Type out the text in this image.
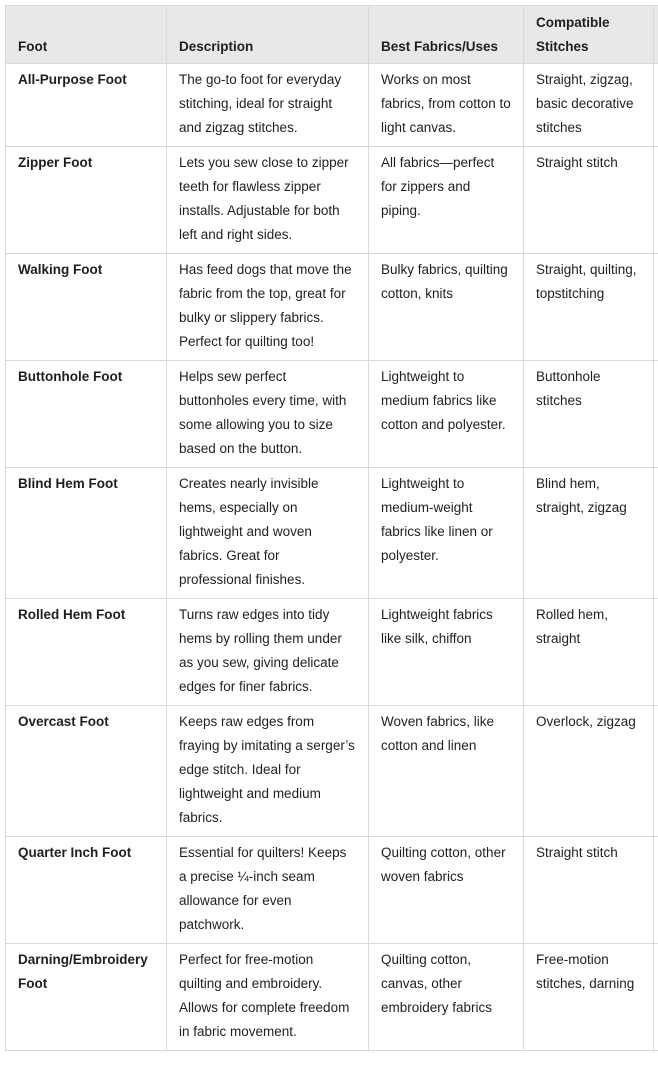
Foot	Description	Best Fabrics/Uses	Compatible Stitches	
All-Purpose Foot	The go-to foot for everyday stitching, ideal for straight and zigzag stitches.	Works on most fabrics, from cotton to light canvas.	Straight, zigzag, basic decorative stitches	
Zipper Foot	Lets you sew close to zipper teeth for flawless zipper installs. Adjustable for both left and right sides.	All fabrics—perfect for zippers and piping.	Straight stitch	
Walking Foot	Has feed dogs that move the fabric from the top, great for bulky or slippery fabrics. Perfect for quilting too!	Bulky fabrics, quilting cotton, knits	Straight, quilting, topstitching	
Buttonhole Foot	Helps sew perfect buttonholes every time, with some allowing you to size based on the button.	Lightweight to medium fabrics like cotton and polyester.	Buttonhole stitches	
Blind Hem Foot	Creates nearly invisible hems, especially on lightweight and woven fabrics. Great for professional finishes.	Lightweight to medium-weight fabrics like linen or polyester.	Blind hem, straight, zigzag	
Rolled Hem Foot	Turns raw edges into tidy hems by rolling them under as you sew, giving delicate edges for finer fabrics.	Lightweight fabrics like silk, chiffon	Rolled hem, straight	
Overcast Foot	Keeps raw edges from fraying by imitating a serger’s edge stitch. Ideal for lightweight and medium fabrics.	Woven fabrics, like cotton and linen	Overlock, zigzag	
Quarter Inch Foot	Essential for quilters! Keeps a precise ¼-inch seam allowance for even patchwork.	Quilting cotton, other woven fabrics	Straight stitch	
Darning/Embroidery Foot	Perfect for free-motion quilting and embroidery. Allows for complete freedom in fabric movement.	Quilting cotton, canvas, other embroidery fabrics	Free-motion stitches, darning	
